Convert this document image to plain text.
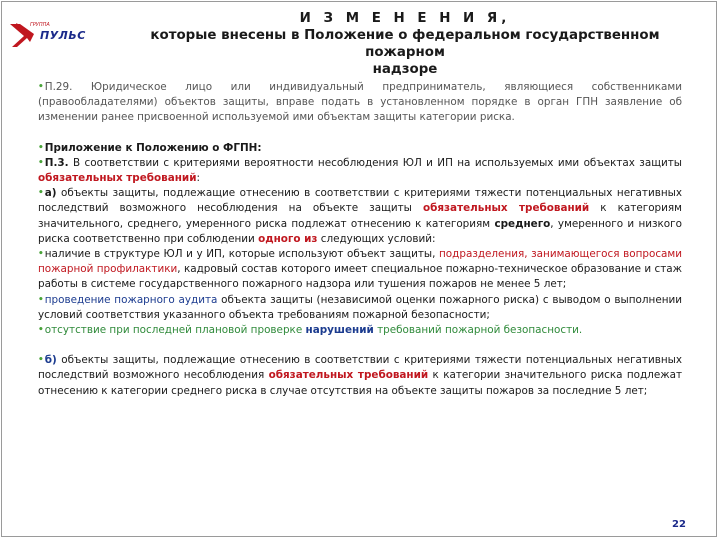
ГРУППА
ПУЛЬС
И З М Е Н Е Н И Я,
которые внесены в Положение о федеральном государственном пожарном
надзоре

•П.29. Юридическое лицо или индивидуальный предприниматель, являющиеся собственниками (правообладателями) объектов защиты, вправе подать в установленном порядке в орган ГПН заявление об изменении ранее присвоенной используемой ими объектам защиты категории риска.

•Приложение к Положению о ФГПН:

•П.3. В соответствии с критериями вероятности несоблюдения ЮЛ и ИП на используемых ими объектах защиты обязательных требований:

•а) объекты защиты, подлежащие отнесению в соответствии с критериями тяжести потенциальных негативных последствий возможного несоблюдения на объекте защиты обязательных требований к категориям значительного, среднего, умеренного риска подлежат отнесению к категориям среднего, умеренного и низкого риска соответственно при соблюдении одного из следующих условий:

•наличие в структуре ЮЛ и у ИП, которые используют объект защиты, подразделения, занимающегося вопросами пожарной профилактики, кадровый состав которого имеет специальное пожарно-техническое образование и стаж работы в системе государственного пожарного надзора или тушения пожаров не менее 5 лет;

•проведение пожарного аудита объекта защиты (независимой оценки пожарного риска) с выводом о выполнении условий соответствия указанного объекта требованиям пожарной безопасности;

•отсутствие при последней плановой проверке нарушений требований пожарной безопасности.

•б) объекты защиты, подлежащие отнесению в соответствии с критериями тяжести потенциальных негативных последствий возможного несоблюдения обязательных требований к категории значительного риска подлежат отнесению к категории среднего риска в случае отсутствия на объекте защиты пожаров за последние 5 лет;

22
